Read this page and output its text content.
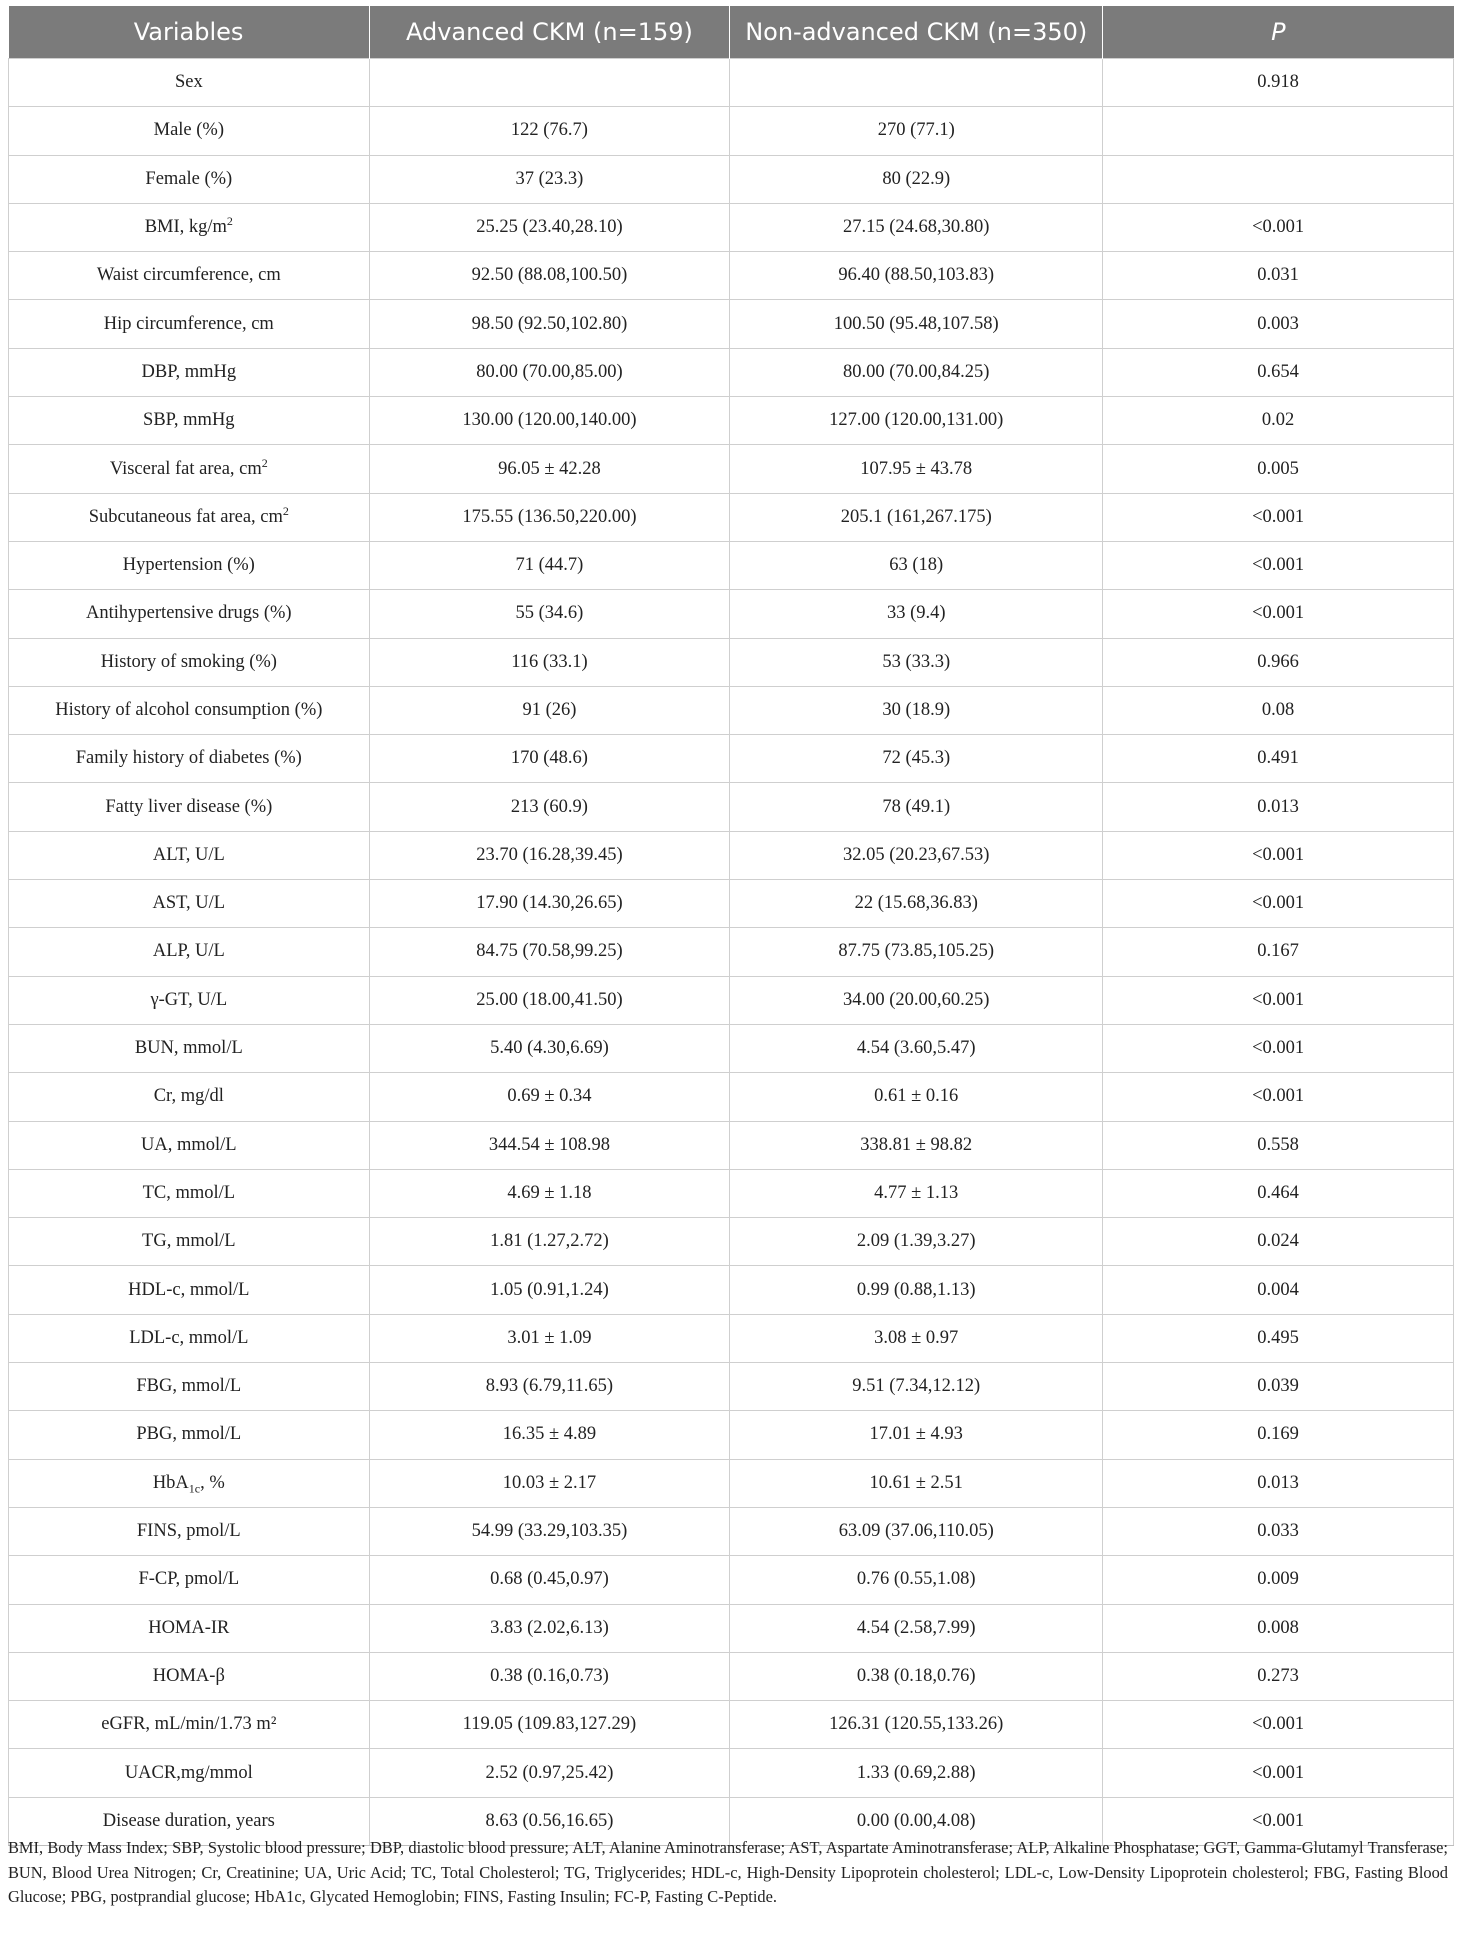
Variables	Advanced CKM (n=159)	Non-advanced CKM (n=350)	P
Sex			0.918
Male (%)	122 (76.7)	270 (77.1)	
Female (%)	37 (23.3)	80 (22.9)	
BMI, $kg/m^2$	25.25 (23.40,28.10)	27.15 (24.68,30.80)	<0.001
Waist circumference, cm	92.50 (88.08,100.50)	96.40 (88.50,103.83)	0.031
Hip circumference, cm	98.50 (92.50,102.80)	100.50 (95.48,107.58)	0.003
DBP, mmHg	80.00 (70.00,85.00)	80.00 (70.00,84.25)	0.654
SBP, mmHg	130.00 (120.00,140.00)	127.00 (120.00,131.00)	0.02
Visceral fat area, $cm^2$	96.05 ± 42.28	107.95 ± 43.78	0.005
Subcutaneous fat area, $cm^2$	175.55 (136.50,220.00)	205.1 (161,267.175)	<0.001
Hypertension (%)	71 (44.7)	63 (18)	<0.001
Antihypertensive drugs (%)	55 (34.6)	33 (9.4)	<0.001
History of smoking (%)	116 (33.1)	53 (33.3)	0.966
History of alcohol consumption (%)	91 (26)	30 (18.9)	0.08
Family history of diabetes (%)	170 (48.6)	72 (45.3)	0.491
Fatty liver disease (%)	213 (60.9)	78 (49.1)	0.013
ALT, U/L	23.70 (16.28,39.45)	32.05 (20.23,67.53)	<0.001
AST, U/L	17.90 (14.30,26.65)	22 (15.68,36.83)	<0.001
ALP, U/L	84.75 (70.58,99.25)	87.75 (73.85,105.25)	0.167
γ-GT, U/L	25.00 (18.00,41.50)	34.00 (20.00,60.25)	<0.001
BUN, mmol/L	5.40 (4.30,6.69)	4.54 (3.60,5.47)	<0.001
Cr, mg/dl	0.69 ± 0.34	0.61 ± 0.16	<0.001
UA, mmol/L	344.54 ± 108.98	338.81 ± 98.82	0.558
TC, mmol/L	4.69 ± 1.18	4.77 ± 1.13	0.464
TG, mmol/L	1.81 (1.27,2.72)	2.09 (1.39,3.27)	0.024
HDL-c, mmol/L	1.05 (0.91,1.24)	0.99 (0.88,1.13)	0.004
LDL-c, mmol/L	3.01 ± 1.09	3.08 ± 0.97	0.495
FBG, mmol/L	8.93 (6.79,11.65)	9.51 (7.34,12.12)	0.039
PBG, mmol/L	16.35 ± 4.89	17.01 ± 4.93	0.169
HbA$_{1c}$, %	10.03 ± 2.17	10.61 ± 2.51	0.013
FINS, pmol/L	54.99 (33.29,103.35)	63.09 (37.06,110.05)	0.033
F-CP, pmol/L	0.68 (0.45,0.97)	0.76 (0.55,1.08)	0.009
HOMA-IR	3.83 (2.02,6.13)	4.54 (2.58,7.99)	0.008
HOMA-β	0.38 (0.16,0.73)	0.38 (0.18,0.76)	0.273
eGFR, mL/min/1.73 m²	119.05 (109.83,127.29)	126.31 (120.55,133.26)	<0.001
UACR,mg/mmol	2.52 (0.97,25.42)	1.33 (0.69,2.88)	<0.001
Disease duration, years	8.63 (0.56,16.65)	0.00 (0.00,4.08)	<0.001
BMI, Body Mass Index; SBP, Systolic blood pressure; DBP, diastolic blood pressure; ALT, Alanine Aminotransferase; AST, Aspartate Aminotransferase; ALP, Alkaline Phosphatase; GGT, Gamma-Glutamyl Transferase; BUN, Blood Urea Nitrogen; Cr, Creatinine; UA, Uric Acid; TC, Total Cholesterol; TG, Triglycerides; HDL-c, High-Density Lipoprotein cholesterol; LDL-c, Low-Density Lipoprotein cholesterol; FBG, Fasting Blood Glucose; PBG, postprandial glucose; HbA1c, Glycated Hemoglobin; FINS, Fasting Insulin; FC-P, Fasting C-Peptide.
